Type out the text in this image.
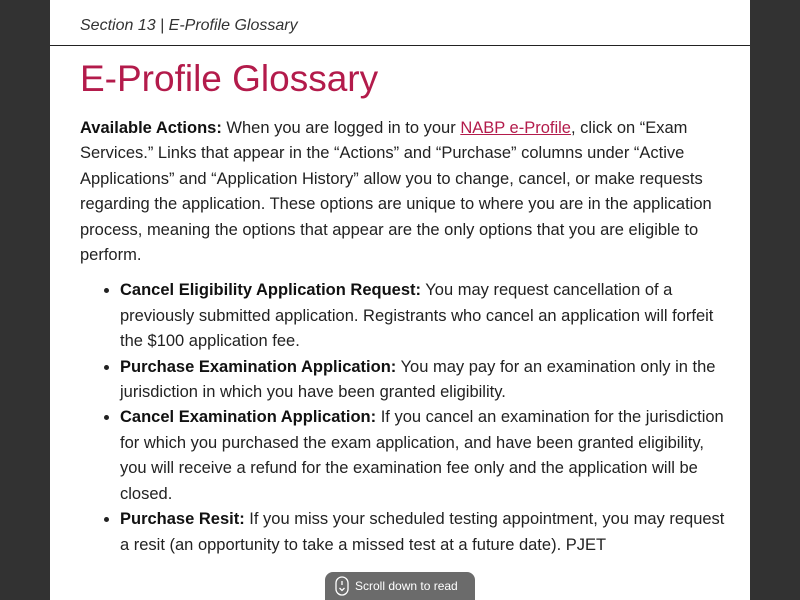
Section 13 | E-Profile Glossary
E-Profile Glossary

Available Actions: When you are logged in to your NABP e-Profile, click on “Exam Services.” Links that appear in the “Actions” and “Purchase” columns under “Active Applications” and “Application History” allow you to change, cancel, or make requests regarding the application. These options are unique to where you are in the application process, meaning the options that appear are the only options that you are eligible to perform.

• Cancel Eligibility Application Request: You may request cancellation of a previously submitted application. Registrants who cancel an application will forfeit the $100 application fee.
• Purchase Examination Application: You may pay for an examination only in the jurisdiction in which you have been granted eligibility.
• Cancel Examination Application: If you cancel an examination for the jurisdiction for which you purchased the exam application, and have been granted eligibility, you will receive a refund for the examination fee only and the application will be closed.
• Purchase Resit: If you miss your scheduled testing appointment, you may request a resit (an opportunity to take a missed test at a future date). PJET
Scroll down to read
